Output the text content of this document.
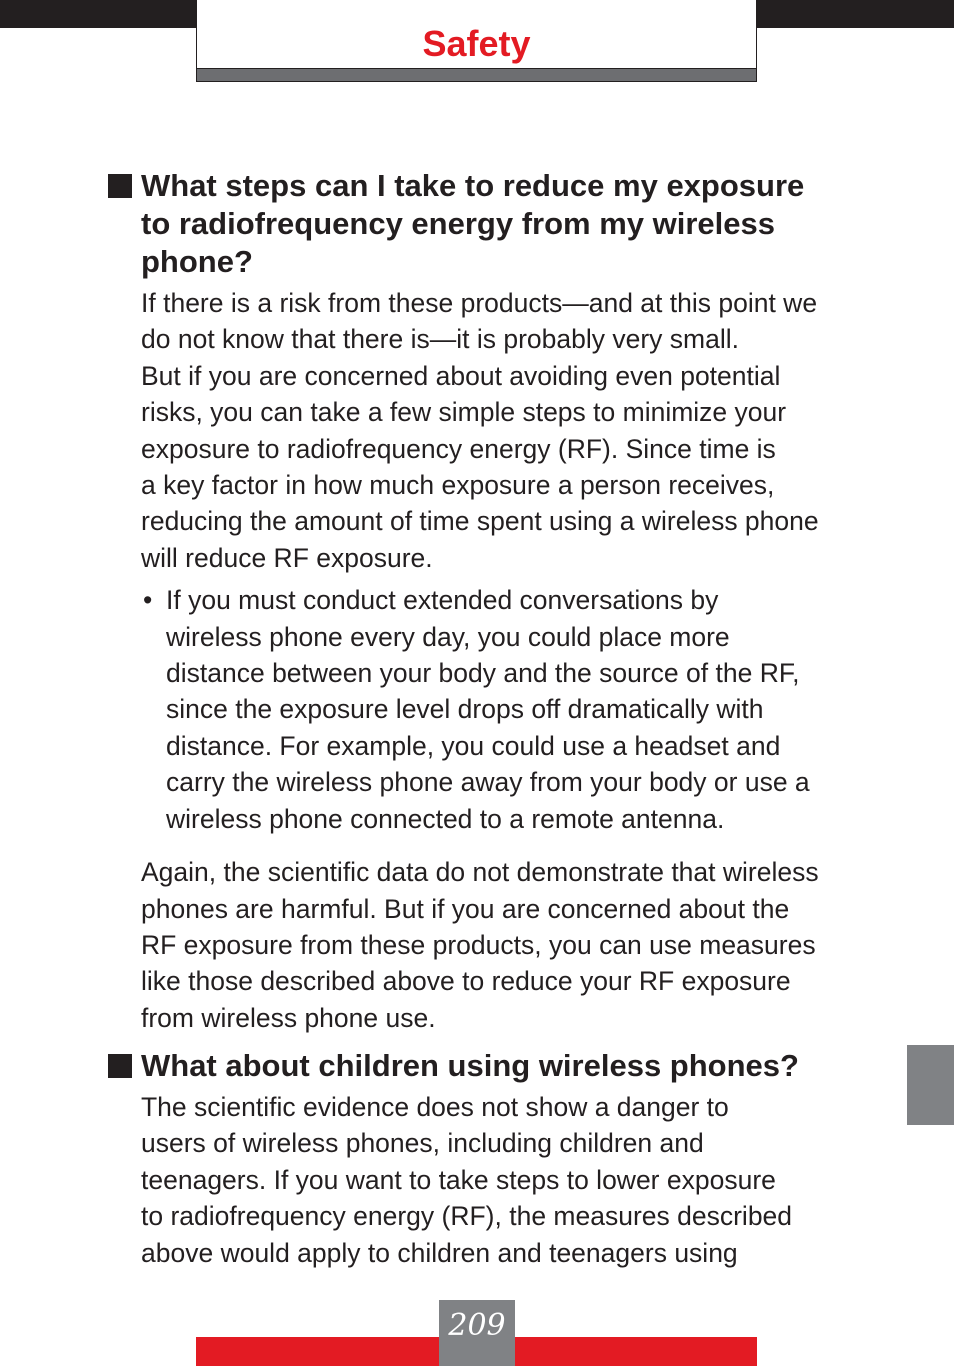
Safety
What steps can I take to reduce my exposure
to radiofrequency energy from my wireless
phone?

If there is a risk from these products—and at this point we
do not know that there is—it is probably very small.
But if you are concerned about avoiding even potential
risks, you can take a few simple steps to minimize your
exposure to radiofrequency energy (RF). Since time is
a key factor in how much exposure a person receives,
reducing the amount of time spent using a wireless phone
will reduce RF exposure.

• If you must conduct extended conversations by
wireless phone every day, you could place more
distance between your body and the source of the RF,
since the exposure level drops off dramatically with
distance. For example, you could use a headset and
carry the wireless phone away from your body or use a
wireless phone connected to a remote antenna.

Again, the scientific data do not demonstrate that wireless
phones are harmful. But if you are concerned about the
RF exposure from these products, you can use measures
like those described above to reduce your RF exposure
from wireless phone use.

What about children using wireless phones?

The scientific evidence does not show a danger to
users of wireless phones, including children and
teenagers. If you want to take steps to lower exposure
to radiofrequency energy (RF), the measures described
above would apply to children and teenagers using

209
